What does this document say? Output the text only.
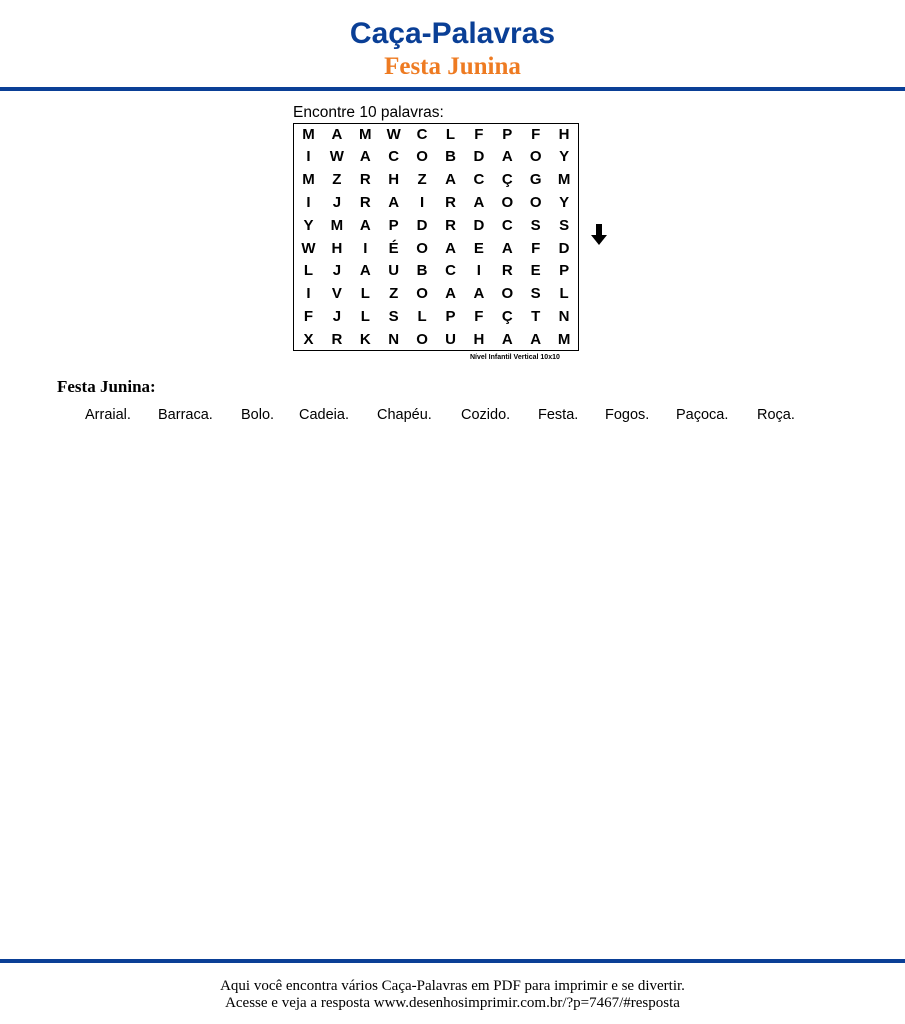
Caça-Palavras
Festa Junina
Encontre 10 palavras:
M	A	M	W	C	L	F	P	F	H
I	W	A	C	O	B	D	A	O	Y
M	Z	R	H	Z	A	C	Ç	G	M
I	J	R	A	I	R	A	O	O	Y
Y	M	A	P	D	R	D	C	S	S
W	H	I	É	O	A	E	A	F	D
L	J	A	U	B	C	I	R	E	P
I	V	L	Z	O	A	A	O	S	L
F	J	L	S	L	P	F	Ç	T	N
X	R	K	N	O	U	H	A	A	M
Nível Infantil Vertical 10x10
Festa Junina:
Arraial. Barraca. Bolo. Cadeia. Chapéu. Cozido. Festa. Fogos. Paçoca. Roça.
Aqui você encontra vários Caça-Palavras em PDF para imprimir e se divertir.
Acesse e veja a resposta www.desenhosimprimir.com.br/?p=7467/#resposta
